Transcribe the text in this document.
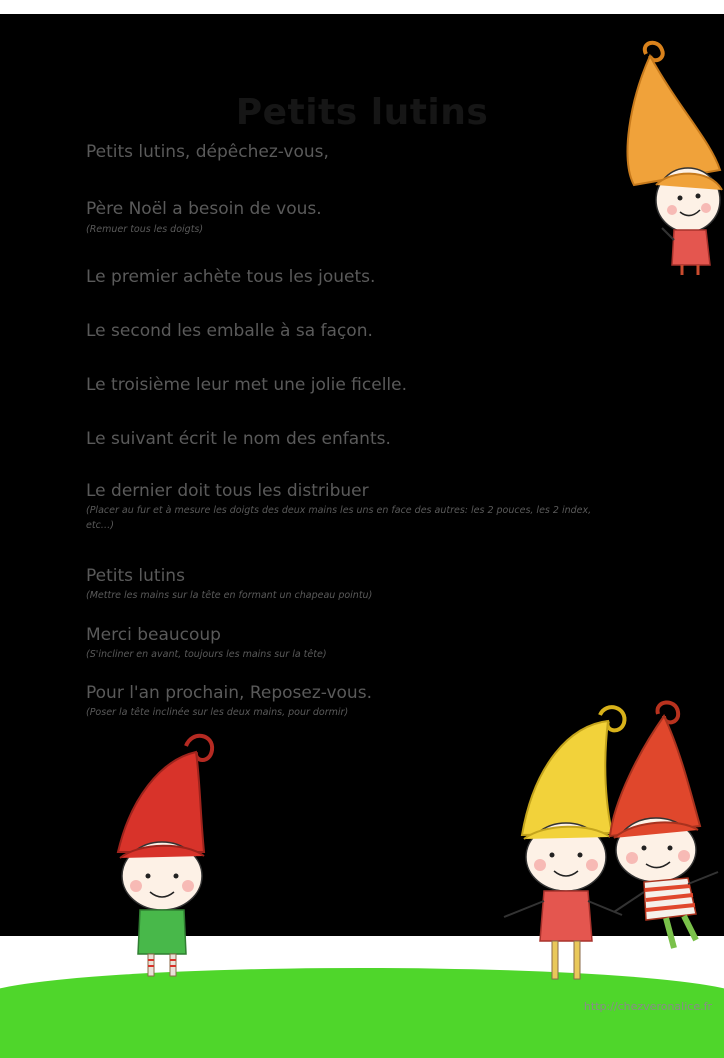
Petits lutins
Petits lutins, dépêchez-vous,
Père Noël a besoin de vous.
(Remuer tous les doigts)
Le premier achète tous les jouets.
Le second les emballe à sa façon.
Le troisième leur met une jolie ficelle.
Le suivant écrit le nom des enfants.
Le dernier doit tous les distribuer
(Placer au fur et à mesure les doigts des deux mains les uns en face des autres: les 2 pouces, les 2 index, etc…)
Petits lutins
(Mettre les mains sur la tête en formant un chapeau pointu)
Merci beaucoup
(S'incliner en avant, toujours les mains sur la tête)
Pour l'an prochain, Reposez-vous.
(Poser la tête inclinée sur les deux mains, pour dormir)
http://chezveronalice.fr
